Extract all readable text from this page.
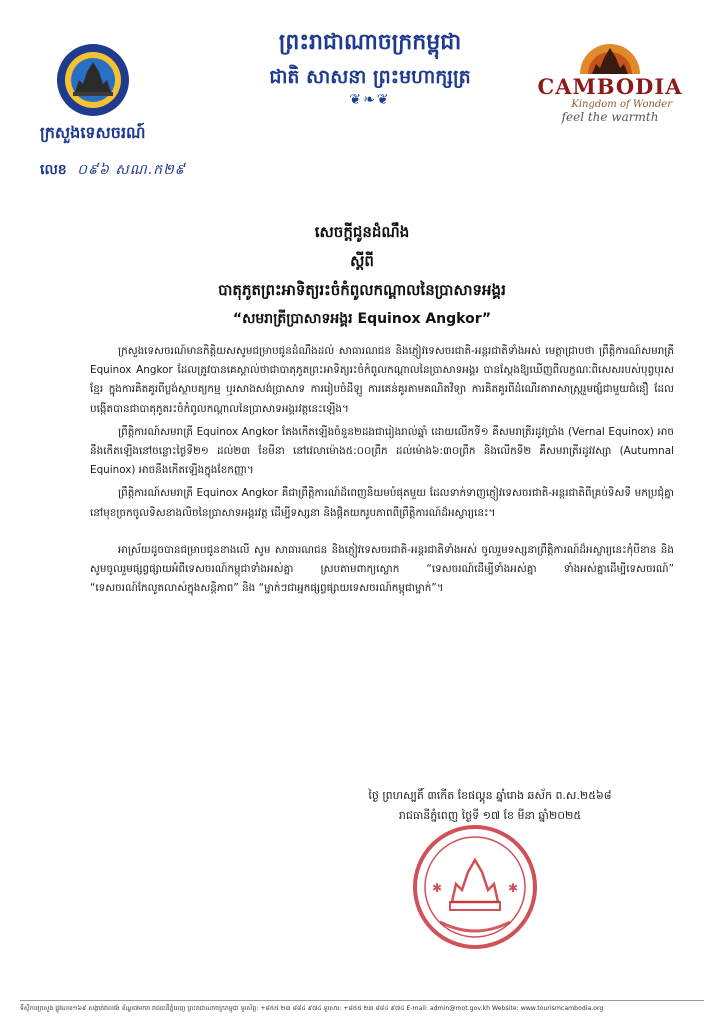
ព្រះរាជាណាចក្រកម្ពុជា
ជាតិ សាសនា ព្រះមហាក្សត្រ
❦❧❦
ក្រសួងទេសចរណ៍
លេខ ០៩៦ សណ.ក២៩
CAMBODIA
Kingdom of Wonder
feel the warmth
សេចក្តីជូនដំណឹង
ស្តីពី
បាតុភូតព្រះអាទិត្យរះចំកំពូលកណ្តាលនៃប្រាសាទអង្គរ
“សមរាត្រីប្រាសាទអង្គរ Equinox Angkor”

ក្រសួងទេសចរណ៍មានកិត្តិយសសូមជម្រាបជូនដំណឹងដល់ សាធារណជន និងភ្ញៀវទេសចរជាតិ-អន្តរជាតិទាំងអស់ មេត្តាជ្រាបថា ព្រឹត្តិការណ៍សមរាត្រី Equinox Angkor ដែលត្រូវបានគេស្គាល់ថាជាបាតុភូតព្រះអាទិត្យរះចំកំពូលកណ្តាលនៃប្រាសាទអង្គរ បានស្តែងឱ្យឃើញពីលក្ខណៈពិសេសរបស់បុព្វបុរសខ្មែរ ក្នុងការគិតគូរពីប្លង់ស្ថាបត្យកម្ម ឬរសាងសង់ប្រាសាទ ការរៀបចំដីឡូ ការគេន់គូរតាមគណិតវិទ្យា ការគិតគូរពីដំណើរតារាសាស្ត្ររួមផ្សំជាមួយជំនឿ ដែលបង្កើតបានជាបាតុភូតរះចំកំពូលកណ្តាលនៃប្រាសាទអង្គរវត្តនេះឡើង។

ព្រឹត្តិការណ៍សមរាត្រី Equinox Angkor តែងកើតឡើងចំនួន២ដងជារៀងរាល់ឆ្នាំ ដោយលើកទី១ គឺសមរាត្រីរដូវប្រាំង (Vernal Equinox) អាចនឹងកើតឡើងនៅចន្លោះថ្ងៃទី២១ ដល់២៣ ខែមីនា នៅវេលាម៉ោង៥:០០ព្រឹក ដល់ម៉ោង៦:៣០ព្រឹក និងលើកទី២ គឺសមរាត្រីរដូវវស្សា (Autumnal Equinox) អាចនឹងកើតឡើងក្នុងខែកញ្ញា។

ព្រឹត្តិការណ៍សមរាត្រី Equinox Angkor គឺជាព្រឹត្តិការណ៍ដ៏ពេញនិយមបំផុតមួយ ដែលទាក់ទាញភ្ញៀវទេសចរជាតិ-អន្តរជាតិពីគ្រប់ទិសទី មកប្រជុំគ្នានៅមុខច្រកចូលទិសខាងលិចនៃប្រាសាទអង្គរវត្ត ដើម្បីទស្សនា និងផ្តិតយករូបភាពពីព្រឹត្តិការណ៍ដ៏អស្ចារ្យនេះ។

អាស្រ័យដូចបានជម្រាបជូនខាងលើ សូម សាធារណជន និងភ្ញៀវទេសចរជាតិ-អន្តរជាតិទាំងអស់ ចូលរួមទស្សនាព្រឹត្តិការណ៍ដ៏អស្ចារ្យនេះកុំបីខាន និងសូមចូលរួមផ្សព្វផ្សាយអំពីទេសចរណ៍កម្ពុជាទាំងអស់គ្នា ស្របតាមពាក្យស្លោក “ទេសចរណ៍ដើម្បីទាំងអស់គ្នា ទាំងអស់គ្នាដើម្បីទេសចរណ៍” “ទេសចរណ៍កែលូតលាស់ក្នុងសន្តិភាព” និង “ម្នាក់ៗជាអ្នកផ្សព្វផ្សាយទេសចរណ៍កម្ពុជាម្នាក់”។

ថ្ងៃ ព្រហស្បតិ៍ ៣កើត ខែផល្គុន ឆ្នាំរោង ឆស័ក ព.ស.២៥៦៨
រាជធានីភ្នំពេញ ថ្ងៃទី ១៧ ខែ មីនា ឆ្នាំ២០២៥
✱	✱
ទីស្តីការក្រសួង ផ្លូវលេខ១៦៩ សង្កាត់វាលវង់ ខ័ណ្ឌ៧មករា រាជធានីភ្នំពេញ ព្រះរាជាណាចក្រកម្ពុជា ទូរស័ព្ទ: +៨៥៥ ២៣ ៨៨៤ ៩៧៤ ទូរសារ: +៨៥៥ ២៣ ៨៨៤ ៩៧៤ E-mail: admin@mot.gov.kh Website: www.tourismcambodia.org
